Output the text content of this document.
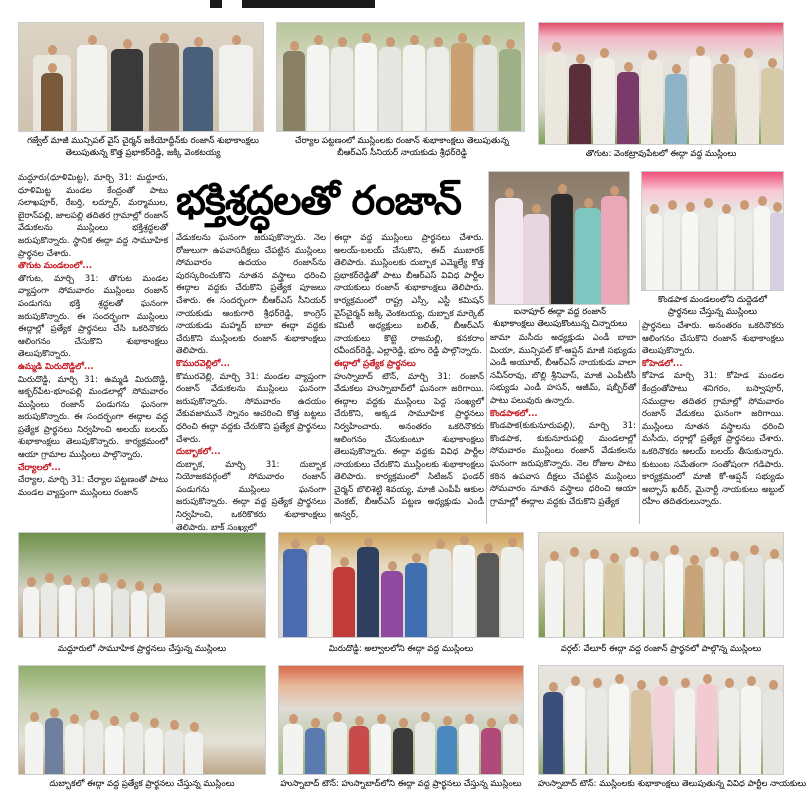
గజ్వేల్ మాజీ మున్సిపల్ వైస్ చైర్మన్ జకీయోద్దీన్‌కు రంజాన్ శుభాకాంక్షలు
తెలుపుతున్న కొత్త ప్రభాకర్‌రెడ్డి, జక్కి వెంకటయ్య
చేర్యాల పట్టణంలో ముస్లింలకు రంజాన్ శుభాకాంక్షలు తెలుపుతున్న
బీఆర్ఎస్ సీనియర్ నాయకుడు శ్రీధర్‌రెడ్డి	తొగుట: వెంకట్రావుపేటలో ఈద్గా వద్ద ముస్లింలు
భక్తిశ్రద్ధలతో రంజాన్
ఐనాపూర్ ఈద్గా వద్ద రంజాన్
శుభాకాంక్షలు తెలుపుకొంటున్న చిన్నారులు
కొండపాక మండలంలోని దుద్దెడలో
ప్రార్థనలు చేస్తున్న ముస్లింలు

మద్దూరు(ధూళిమిట్ట), మార్చి 31: మద్దూరు, ధూళిమిట్ట మండల కేంద్రంతో పాటు సలాఖపూర్, రేబర్తి, లద్నూర్, మర్మాముల, బైరాన్‌పల్లి, జాలపల్లి తదితర గ్రామాల్లో రంజాన్ వేడుకలను ముస్లింలు భక్తిశ్రద్ధలతో జరుపుకొన్నారు. స్థానిక ఈద్గా వద్ద సామూహిక ప్రార్థనల చేశారు.

తొగుట మండలంలో...

తొగుట, మార్చి 31: తొగుట మండల వ్యాప్తంగా సోమవారం ముస్లింలు రంజాన్ పండుగను భక్తి శ్రద్ధలతో ఘనంగా జరుపుకొన్నారు. ఈ సందర్భంగా ముస్లింలు ఈద్గాల్లో ప్రత్యేక ప్రార్థనలు చేసి ఒకరినొకరు ఆలింగనం చేసుకొని శుభాకాంక్షలు తెలుపుకొన్నారు.

ఉమ్మడి మిరుదొడ్డిలో...

మిరుదొడ్డి, మార్చి 31: ఉమ్మడి మిరుదొడ్డి, అక్బర్‌పేట-భూంపల్లి మండలాల్లో సోమవారం ముస్లింలు రంజాన్ పండుగను ఘనంగా జరుపుకొన్నారు. ఈ సందర్భంగా ఈద్గాల వద్ద ప్రత్యేక ప్రార్థనలు నిర్వహించి అలయ్ బలయ్ శుభాకాంక్షలు తెలుపుకొన్నారు. కార్యక్రమంలో ఆయా గ్రామాల ముస్లింలు పాల్గొన్నారు.

చేర్యాలలో...

చేర్యాల, మార్చి 31: చేర్యాల పట్టణంతో పాటు మండల వ్యాప్తంగా ముస్లింలు రంజాన్

వేడుకలను ఘనంగా జరుపుకొన్నారు. నెల రోజులుగా ఉపవాసదీక్షలు చేపట్టిన ముస్లింలు సోమవారం ఉదయం రంజాన్‌ను పురస్కరించుకొని నూతన వస్త్రాలు ధరించి ఈద్గాల వద్దకు చేరుకొని ప్రత్యేక పూజలు చేశారు. ఈ సందర్భంగా బీఆర్ఎస్ సీనియర్ నాయకుడు ఆంకుగారి శ్రీధర్‌రెడ్డి, కాంగ్రెస్ నాయకుడు మహ్మద్ బాబా ఈద్గా వద్దకు చేరుకొని ముస్లింలకు రంజాన్ శుభాకాంక్షలు తెలిపారు.

కొమురవెల్లిలో...

కొమురవెల్లి, మార్చి 31: మండల వ్యాప్తంగా రంజాన్ వేడుకలను ముస్లింలు ఘనంగా జరుపుకొన్నారు. సోమవారం ఉదయం వేకువజామునే స్నానం ఆచరించి కొత్త బట్టలు ధరించి ఈద్గా వద్దకు చేరుకొని ప్రత్యేక ప్రార్థనలు చేశారు.

దుబ్బాకలో...

దుబ్బాక, మార్చి 31: దుబ్బాక నియోజకవర్గంలో సోమవారం రంజాన్ పండుగను ముస్లింలు ఘనంగా జరుపుకొన్నారు. ఈద్గా వద్ద ప్రత్యేక ప్రార్థనలు నిర్వహించి, ఒకరికొకరు శుభాకాంక్షలు తెలిపారు. బాక్ సంఖ్యలో

ఈద్గా వద్ద ముస్లింలు ప్రార్థనలు చేశారు. అలయ్-బలయ్ చేసుకొని, ఈద్ ముబారక్ తెలిపారు. ముస్లింలకు దుబ్బాక ఎమ్మెల్యే కొత్త ప్రభాకర్‌రెడ్డితో పాటు బీఆర్ఎస్ వివిధ పార్టీల నాయకులు రంజాన్ శుభాకాంక్షలు తెలిపారు. కార్యక్రమంలో రాష్ట్ర ఎస్సీ, ఎస్టీ కమిషన్ వైస్‌చైర్మన్ జక్కి వెంకటయ్య, దుబ్బాక మార్కెట్ కమిటీ అధ్యక్షులు బలిత్, బీఆర్ఎస్ నాయకులు కొట్టె రాజమల్లి, కనకరాం రవీందర్‌రెడ్డి, ఎల్లారెడ్డి, భూం రెడ్డి పాల్గొన్నారు.

ఈద్గాలో ప్రత్యేక ప్రార్థనలు

హుస్నాబాద్ టౌన్, మార్చి 31: రంజాన్ వేడుకలు హుస్నాబాద్‌లో ఘనంగా జరిగాయి. ఈద్గాల వద్దకు ముస్లింలు పెద్ద సంఖ్యలో చేరుకొని, అక్కడ సామూహిక ప్రార్థనలు నిర్వహించారు. అనంతరం ఒకరినొకరు ఆలింగనం చేసుకుంటూ శుభాకాంక్షలు తెలుపుకొన్నారు. ఈద్గా వద్దకు వివిధ పార్టీల నాయకులు చేరుకొని ముస్లింలకు శుభాకాంక్షలు తెలిపారు. కార్యక్రమంలో సిటిజన్ ఫండర్ చైర్మన్ బొలిశెట్టి శివయ్య, మాజీ ఎంపీపీ ఆకుల వెంకట్, బీఆర్ఎస్ పట్టణ అధ్యక్షుడు ఎండీ అన్వర్,

జామా మసీదు అధ్యక్షుడు ఎండీ బాబా మియా, మున్సిపల్ కో-ఆప్షన్ మాజీ సభ్యుడు ఎండీ అయూబ్, బీఆర్ఎస్ నాయకుడు వాలా నవీన్‌రావు, బొల్లి శ్రీనివాస్, మాజీ ఎంపీటీసీ సభ్యుడు ఎండీ హసన్, ఆజీమ్, షబ్బీర్‌తో పాటు పలువురు ఉన్నారు.

కొండపాకలో...

కొండపాక(కుకునూరుపల్లి), మార్చి 31: కొండపాక, కుకునూరుపల్లి మండలాల్లో సోమవారం ముస్లింలు రంజాన్ వేడుకలను ఘనంగా జరుపుకొన్నారు. నెల రోజుల పాటు కఠిన ఉపవాస దీక్షలు చేపట్టిన ముస్లింలు సోమవారం నూతన వస్త్రాలు ధరించి ఆయా గ్రామాల్లో ఈద్గాల వద్దకు చేరుకొని ప్రత్యేక

ప్రార్థనలు చేశారు. అనంతరం ఒకరినొకరు ఆలింగనం చేసుకొని రంజాన్ శుభాకాంక్షలు తెలుపుకొన్నారు.

కోహెడలో...

కోహెడ మార్చి 31: కోహెడ మండల కేంద్రంతోపాటు శనిగరం, బస్వాపూర్, సముద్రాల తదితర గ్రామాల్లో సోమవారం రంజాన్ వేడుకలు ఘనంగా జరిగాయి. ముస్లింలు నూతన వస్త్రాలను ధరించి మసీదు, దర్గాల్లో ప్రత్యేక ప్రార్థనలు చేశారు. ఒకరినొకరు ఆలయ్ బలయ్ తీసుకున్నారు. కుటుంబ సమేతంగా సంతోషంగా గడిపారు. కార్యక్రమంలో మాజీ కో-ఆప్షన్ సభ్యుడు అబ్బాస్ ఖదీర్, మైనార్టీ నాయకులు అబ్దుల్ రహీం తదితరులున్నారు.

మద్దూరులో సామూహిక ప్రార్థనలు చేస్తున్న ముస్లింలు	మిరుదొడ్డి: అల్వాలలోని ఈద్గా వద్ద ముస్లింలు	వర్గల్: వేలూర్ ఈద్గా వద్ద రంజాన్ ప్రార్థనలో పాల్గొన్న ముస్లింలు
దుబ్బాకలో ఈద్గా వద్ద ప్రత్యేక ప్రార్థనలు చేస్తున్న ముస్లింలు	హుస్నాబాద్ టౌన్: హుస్నాబాద్‌లోని ఈద్గా వద్ద ప్రార్థనలు చేస్తున్న ముస్లింలు హుస్నాబాద్ టౌన్: ముస్లింలకు శుభాకాంక్షలు తెలుపుతున్న వివిధ పార్టీల నాయకులు
